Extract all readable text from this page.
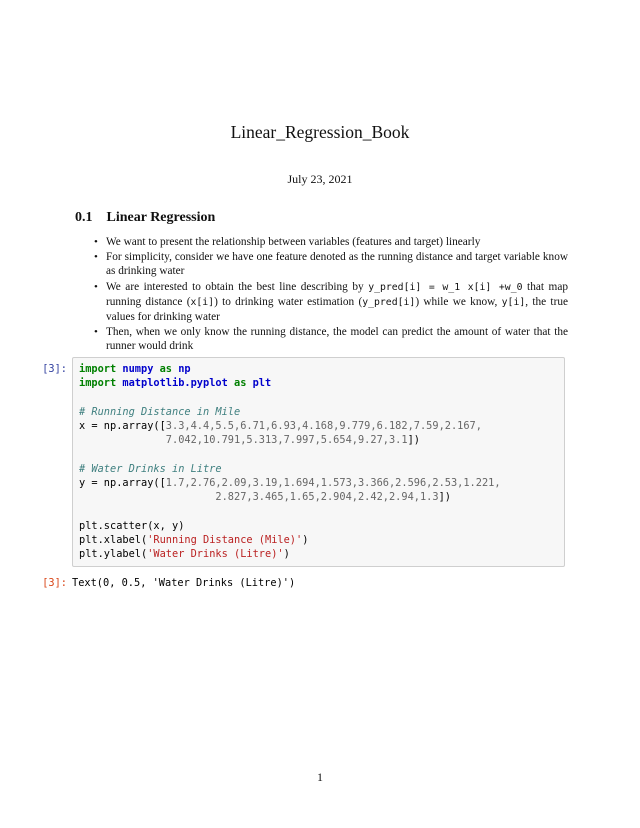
Linear_Regression_Book
July 23, 2021
0.1 Linear Regression
• We want to present the relationship between variables (features and target) linearly
• For simplicity, consider we have one feature denoted as the running distance and target variable know as drinking water
• We are interested to obtain the best line describing by y_pred[i] = w_1 x[i] +w_0 that map running distance (x[i]) to drinking water estimation (y_pred[i]) while we know, y[i], the true values for drinking water
• Then, when we only know the running distance, the model can predict the amount of water that the runner would drink
[3]:	import numpy as np
import matplotlib.pyplot as plt

# Running Distance in Mile
x = np.array([3.3,4.4,5.5,6.71,6.93,4.168,9.779,6.182,7.59,2.167,
7.042,10.791,5.313,7.997,5.654,9.27,3.1])

# Water Drinks in Litre
y = np.array([1.7,2.76,2.09,3.19,1.694,1.573,3.366,2.596,2.53,1.221,
2.827,3.465,1.65,2.904,2.42,2.94,1.3])

plt.scatter(x, y)
plt.xlabel('Running Distance (Mile)')
plt.ylabel('Water Drinks (Litre)')
[3]: Text(0, 0.5, 'Water Drinks (Litre)')
1
